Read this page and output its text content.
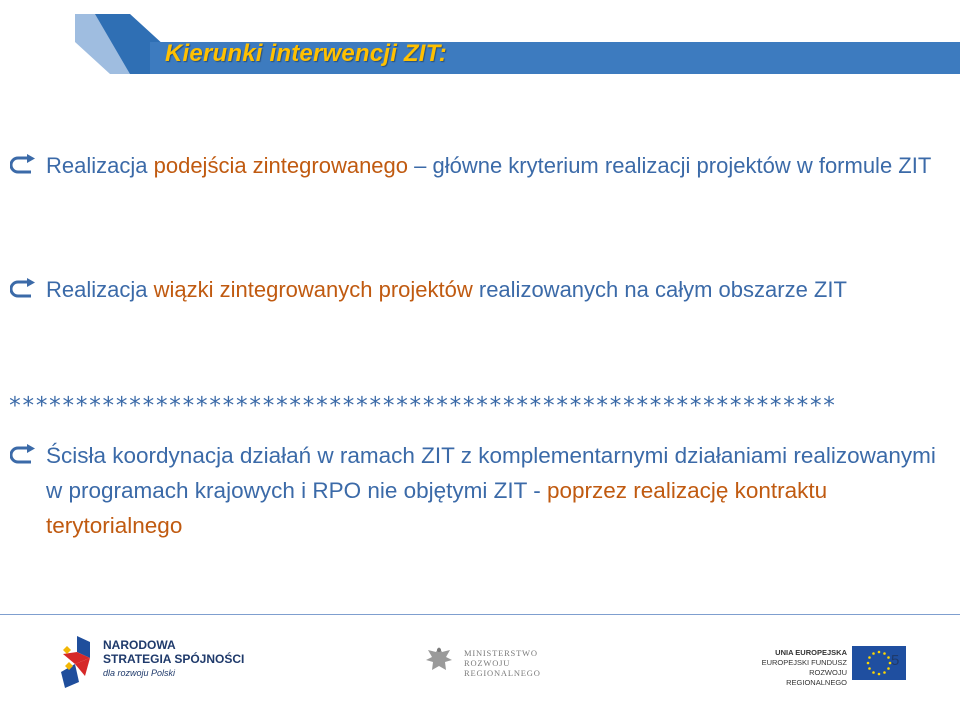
Kierunki interwencji ZIT:
Realizacja podejścia zintegrowanego – główne kryterium realizacji projektów w formule ZIT
Realizacja wiązki zintegrowanych projektów realizowanych na całym obszarze ZIT
**************************************************************
Ścisła koordynacja działań w ramach ZIT z komplementarnymi działaniami realizowanymi w programach krajowych i RPO nie objętymi ZIT - poprzez realizację kontraktu terytorialnego
NARODOWA
STRATEGIA SPÓJNOŚCI
dla rozwoju Polski
MINISTERSTWO
ROZWOJU
REGIONALNEGO
UNIA EUROPEJSKA
EUROPEJSKI FUNDUSZ
ROZWOJU REGIONALNEGO
5
